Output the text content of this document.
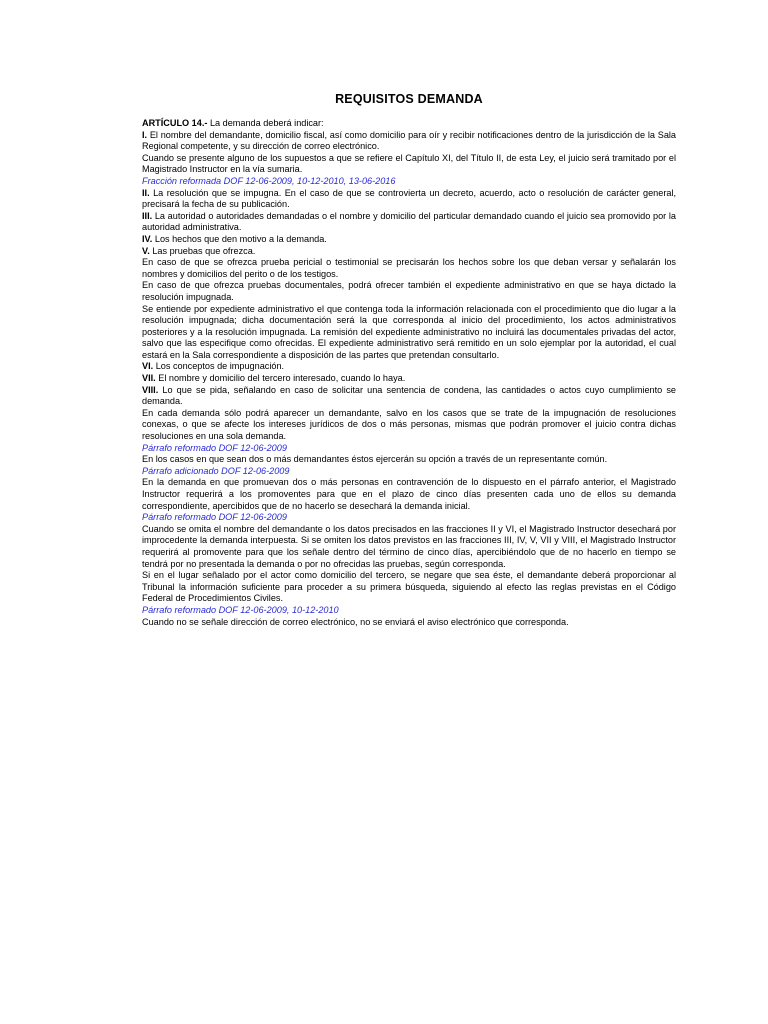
REQUISITOS DEMANDA
ARTÍCULO 14.- La demanda deberá indicar:
I. El nombre del demandante, domicilio fiscal, así como domicilio para oír y recibir notificaciones dentro de la jurisdicción de la Sala Regional competente, y su dirección de correo electrónico.
Cuando se presente alguno de los supuestos a que se refiere el Capítulo XI, del Título II, de esta Ley, el juicio será tramitado por el Magistrado Instructor en la vía sumaria.
Fracción reformada DOF 12-06-2009, 10-12-2010, 13-06-2016
II. La resolución que se impugna. En el caso de que se controvierta un decreto, acuerdo, acto o resolución de carácter general, precisará la fecha de su publicación.
III. La autoridad o autoridades demandadas o el nombre y domicilio del particular demandado cuando el juicio sea promovido por la autoridad administrativa.
IV. Los hechos que den motivo a la demanda.
V. Las pruebas que ofrezca.
En caso de que se ofrezca prueba pericial o testimonial se precisarán los hechos sobre los que deban versar y señalarán los nombres y domicilios del perito o de los testigos.
En caso de que ofrezca pruebas documentales, podrá ofrecer también el expediente administrativo en que se haya dictado la resolución impugnada.
Se entiende por expediente administrativo el que contenga toda la información relacionada con el procedimiento que dio lugar a la resolución impugnada; dicha documentación será la que corresponda al inicio del procedimiento, los actos administrativos posteriores y a la resolución impugnada. La remisión del expediente administrativo no incluirá las documentales privadas del actor, salvo que las especifique como ofrecidas. El expediente administrativo será remitido en un solo ejemplar por la autoridad, el cual estará en la Sala correspondiente a disposición de las partes que pretendan consultarlo.
VI. Los conceptos de impugnación.
VII. El nombre y domicilio del tercero interesado, cuando lo haya.
VIII. Lo que se pida, señalando en caso de solicitar una sentencia de condena, las cantidades o actos cuyo cumplimiento se demanda.
En cada demanda sólo podrá aparecer un demandante, salvo en los casos que se trate de la impugnación de resoluciones conexas, o que se afecte los intereses jurídicos de dos o más personas, mismas que podrán promover el juicio contra dichas resoluciones en una sola demanda.
Párrafo reformado DOF 12-06-2009
En los casos en que sean dos o más demandantes éstos ejercerán su opción a través de un representante común.
Párrafo adicionado DOF 12-06-2009
En la demanda en que promuevan dos o más personas en contravención de lo dispuesto en el párrafo anterior, el Magistrado Instructor requerirá a los promoventes para que en el plazo de cinco días presenten cada uno de ellos su demanda correspondiente, apercibidos que de no hacerlo se desechará la demanda inicial.
Párrafo reformado DOF 12-06-2009
Cuando se omita el nombre del demandante o los datos precisados en las fracciones II y VI, el Magistrado Instructor desechará por improcedente la demanda interpuesta. Si se omiten los datos previstos en las fracciones III, IV, V, VII y VIII, el Magistrado Instructor requerirá al promovente para que los señale dentro del término de cinco días, apercibiéndolo que de no hacerlo en tiempo se tendrá por no presentada la demanda o por no ofrecidas las pruebas, según corresponda.
Si en el lugar señalado por el actor como domicilio del tercero, se negare que sea éste, el demandante deberá proporcionar al Tribunal la información suficiente para proceder a su primera búsqueda, siguiendo al efecto las reglas previstas en el Código Federal de Procedimientos Civiles.
Párrafo reformado DOF 12-06-2009, 10-12-2010
Cuando no se señale dirección de correo electrónico, no se enviará el aviso electrónico que corresponda.
